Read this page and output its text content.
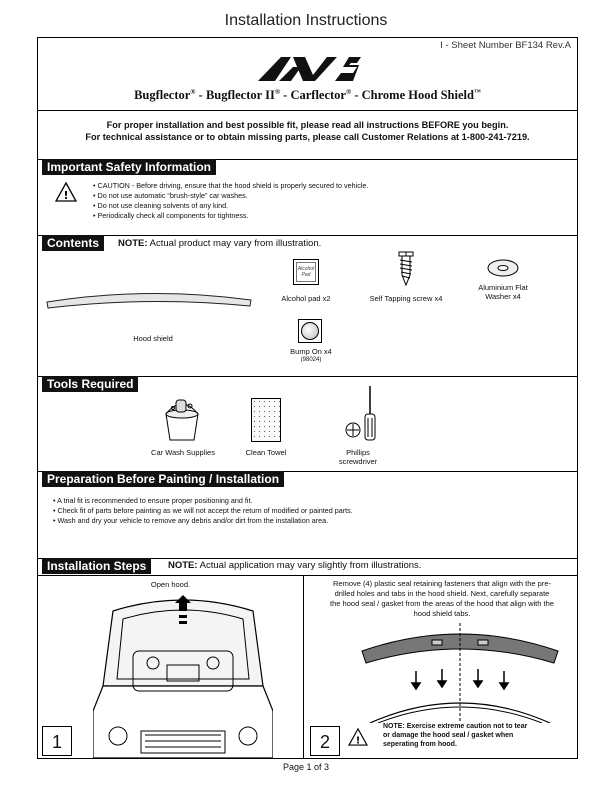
Installation Instructions
I - Sheet Number BF134 Rev.A
Bugflector® - Bugflector II® - Carflector® - Chrome Hood Shield™
For proper installation and best possible fit, please read all instructions BEFORE you begin.
For technical assistance or to obtain missing parts, please call Customer Relations at 1-800-241-7219.
Important Safety Information
!
• CAUTION - Before driving, ensure that the hood shield is properly secured to vehicle.
• Do not use automatic “brush-style” car washes.
• Do not use cleaning solvents of any kind.
• Periodically check all components for tightness.
Contents	NOTE: Actual product may vary from illustration.
Hood shield
Alcohol Pad
Alcohol pad x2	Self Tapping screw x4
Aluminium Flat
Washer x4
Bump On x4
(98024)
Tools Required
Car Wash Supplies	Clean Towel	Phillips
screwdriver
Preparation Before Painting / Installation
• A trial fit is recommended to ensure proper positioning and fit.
• Check fit of parts before painting as we will not accept the return of modified or painted parts.
• Wash and dry your vehicle to remove any debris and/or dirt from the installation area.
Installation Steps	NOTE: Actual application may vary slightly from illustrations.
Open hood.
1
Remove (4) plastic seal retaining fasteners that align with the pre-
drilled holes and tabs in the hood shield. Next, carefully separate
the hood seal / gasket from the areas of the hood that align with the
hood shield tabs.
2	!
NOTE: Exercise extreme caution not to tear
or damage the hood seal / gasket when
seperating from hood.
Page 1 of 3
